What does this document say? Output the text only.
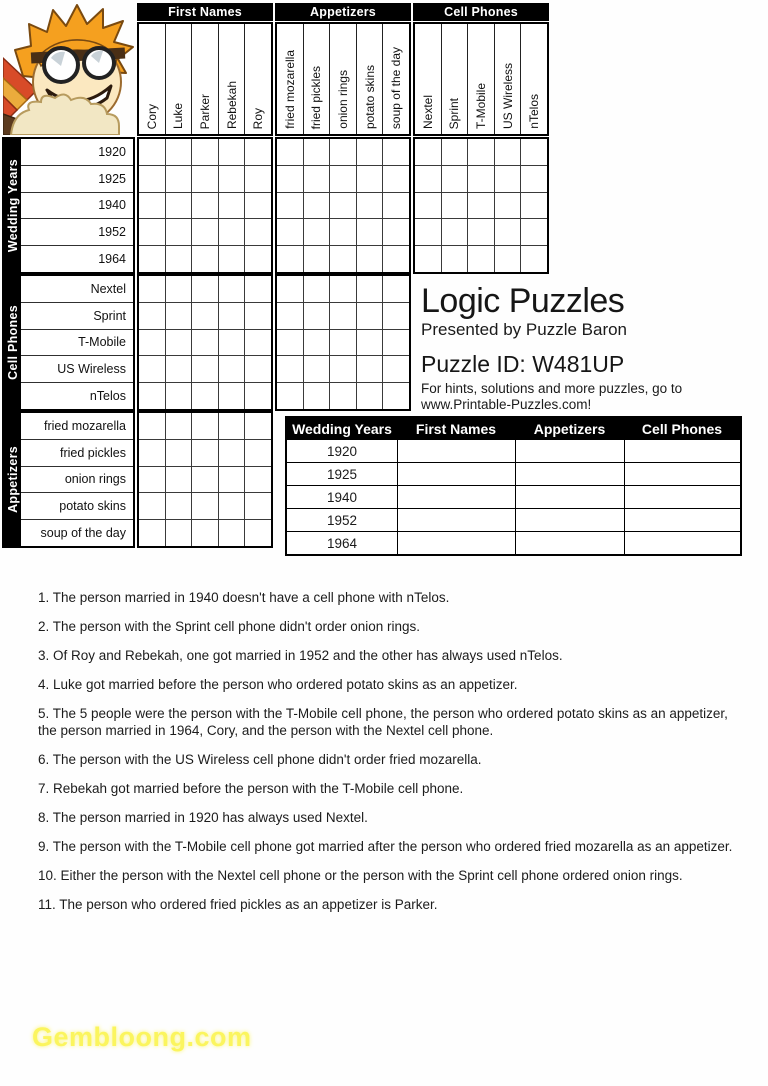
First Names	Appetizers	Cell Phones
Cory Luke Parker Rebekah Roy fried mozarella fried pickles onion rings potato skins soup of the day Nextel Sprint T-Mobile US Wireless nTelos
Wedding Years
1920
1925
1940
1952
1964
Cell Phones
Nextel
Sprint
T-Mobile
US Wireless
nTelos
Appetizers
fried mozarella
fried pickles
onion rings
potato skins
soup of the day
Logic Puzzles
Presented by Puzzle Baron
Puzzle ID: W481UP
For hints, solutions and more puzzles, go to
www.Printable-Puzzles.com!
Wedding Years	First Names	Appetizers	Cell Phones
1920
1925
1940
1952
1964
1. The person married in 1940 doesn't have a cell phone with nTelos.
2. The person with the Sprint cell phone didn't order onion rings.
3. Of Roy and Rebekah, one got married in 1952 and the other has always used nTelos.
4. Luke got married before the person who ordered potato skins as an appetizer.
5. The 5 people were the person with the T-Mobile cell phone, the person who ordered potato skins as an appetizer, the person married in 1964, Cory, and the person with the Nextel cell phone.
6. The person with the US Wireless cell phone didn't order fried mozarella.
7. Rebekah got married before the person with the T-Mobile cell phone.
8. The person married in 1920 has always used Nextel.
9. The person with the T-Mobile cell phone got married after the person who ordered fried mozarella as an appetizer.
10. Either the person with the Nextel cell phone or the person with the Sprint cell phone ordered onion rings.
11. The person who ordered fried pickles as an appetizer is Parker.
Gembloong.com
